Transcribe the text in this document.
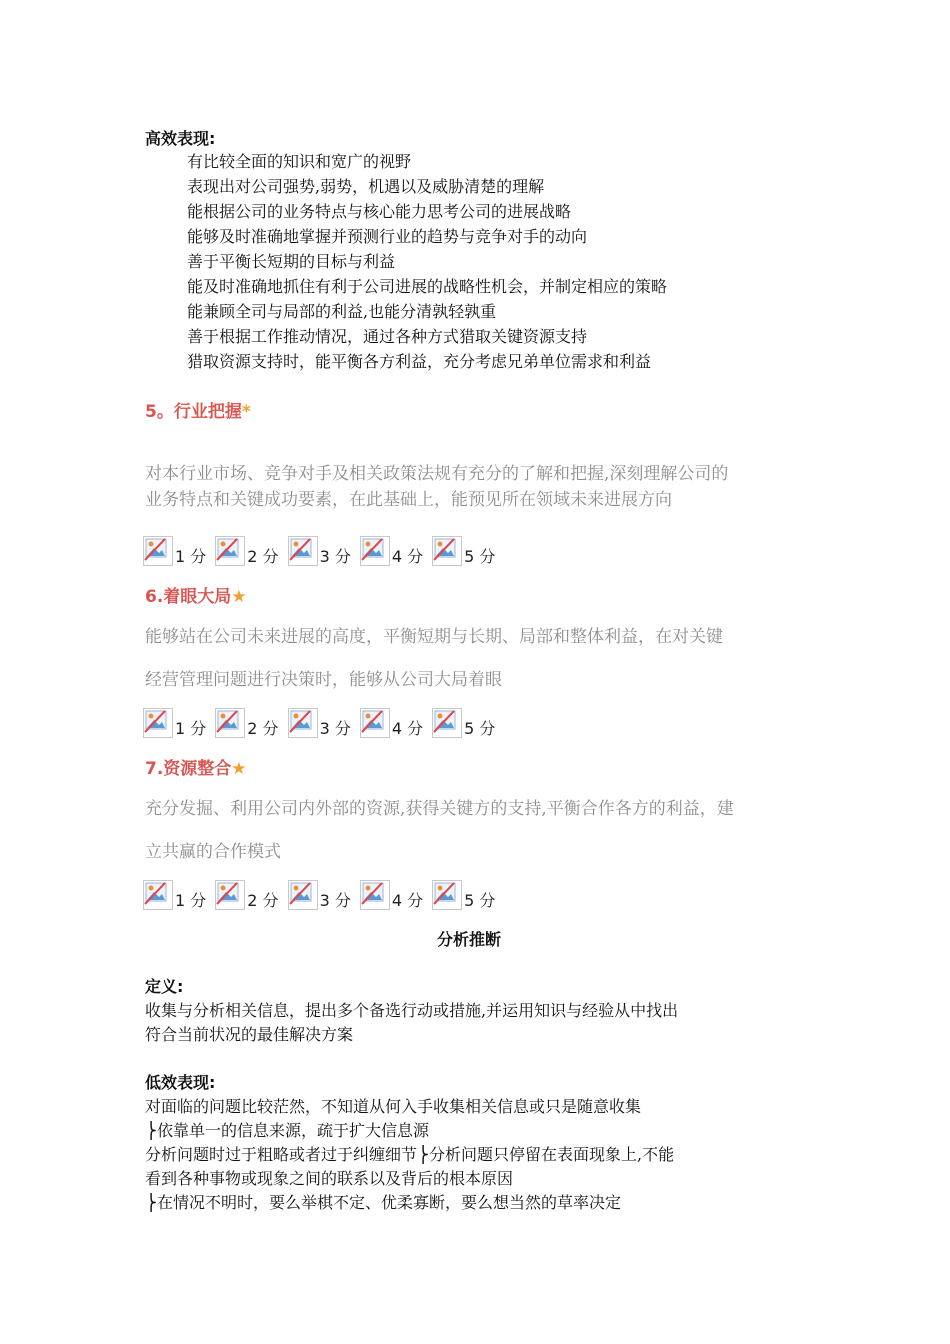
高效表现:
有比较全面的知识和宽广的视野
表现出对公司强势,弱势，机遇以及威胁清楚的理解
能根据公司的业务特点与核心能力思考公司的进展战略
能够及时准确地掌握并预测行业的趋势与竞争对手的动向
善于平衡长短期的目标与利益
能及时准确地抓住有利于公司进展的战略性机会，并制定相应的策略
能兼顾全司与局部的利益,也能分清孰轻孰重
善于根据工作推动情况，通过各种方式猎取关键资源支持
猎取资源支持时，能平衡各方利益，充分考虑兄弟单位需求和利益
5。行业把握*
对本行业市场、竞争对手及相关政策法规有充分的了解和把握,深刻理解公司的
业务特点和关键成功要素，在此基础上，能预见所在领域未来进展方向
1 分	2 分	3 分	4 分	5 分
6.着眼大局★
能够站在公司未来进展的高度，平衡短期与长期、局部和整体利益，在对关键
经营管理问题进行决策时，能够从公司大局着眼
1 分	2 分	3 分	4 分	5 分
7.资源整合★
充分发掘、利用公司内外部的资源,获得关键方的支持,平衡合作各方的利益，建
立共赢的合作模式
1 分	2 分	3 分	4 分	5 分
分析推断
定义:
收集与分析相关信息，提出多个备选行动或措施,并运用知识与经验从中找出
符合当前状况的最佳解决方案
低效表现:
对面临的问题比较茫然，不知道从何入手收集相关信息或只是随意收集
⎬依靠单一的信息来源，疏于扩大信息源
分析问题时过于粗略或者过于纠缠细节⎬分析问题只停留在表面现象上,不能
看到各种事物或现象之间的联系以及背后的根本原因
⎬在情况不明时，要么举棋不定、优柔寡断，要么想当然的草率决定
